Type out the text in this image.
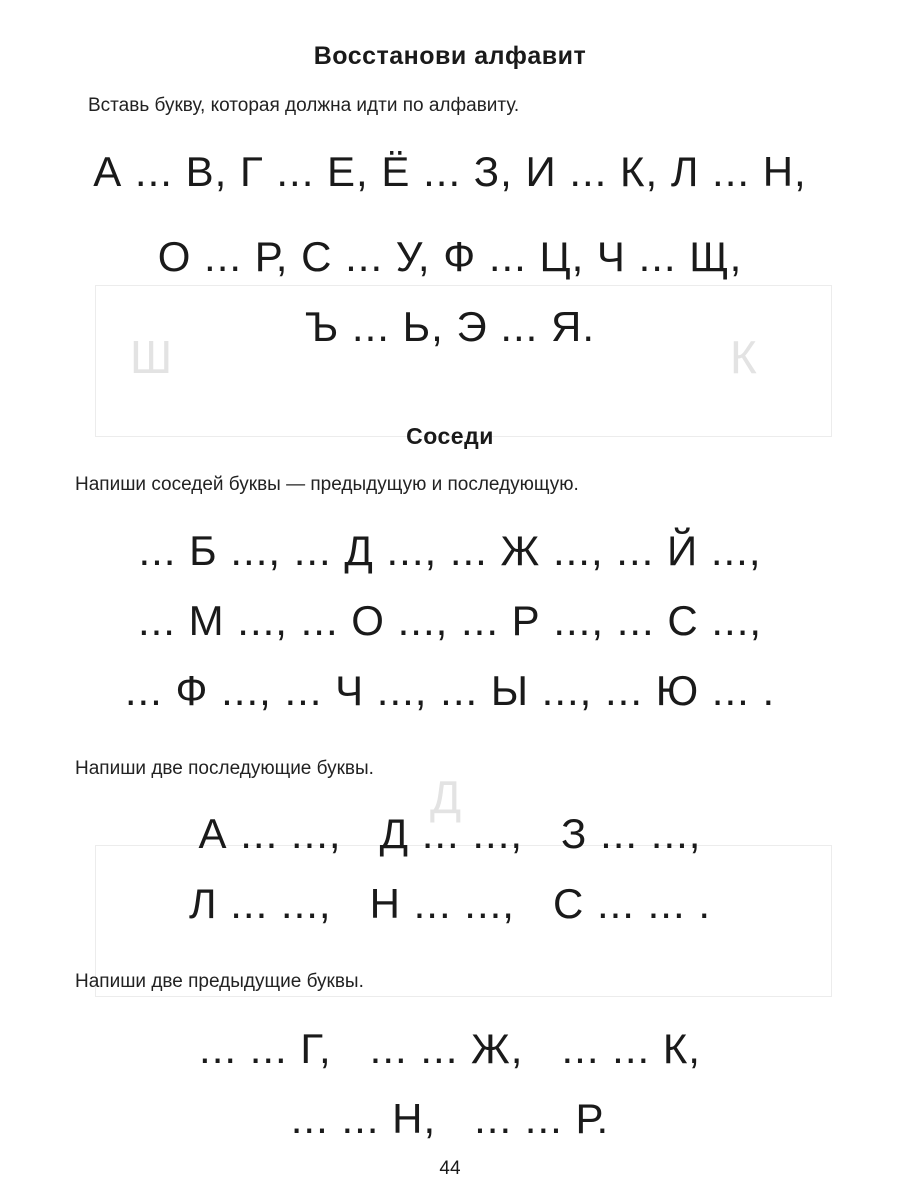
Ш	К
Д
Восстанови алфавит
Вставь букву, которая должна идти по алфавиту.
А ... В, Г ... Е, Ё ... З, И ... К, Л ... Н,
О ... Р, С ... У, Ф ... Ц, Ч ... Щ,
Ъ ... Ь, Э ... Я.
Соседи
Напиши соседей буквы — предыдущую и последующую.
... Б ..., ... Д ..., ... Ж ..., ... Й ...,
... М ..., ... О ..., ... Р ..., ... С ...,
... Ф ..., ... Ч ..., ... Ы ..., ... Ю ... .
Напиши две последующие буквы.
А ... ...,   Д ... ...,   З ... ...,
Л ... ...,   Н ... ...,   С ... ... .
Напиши две предыдущие буквы.
... ... Г,   ... ... Ж,   ... ... К,
... ... Н,   ... ... Р.
44
